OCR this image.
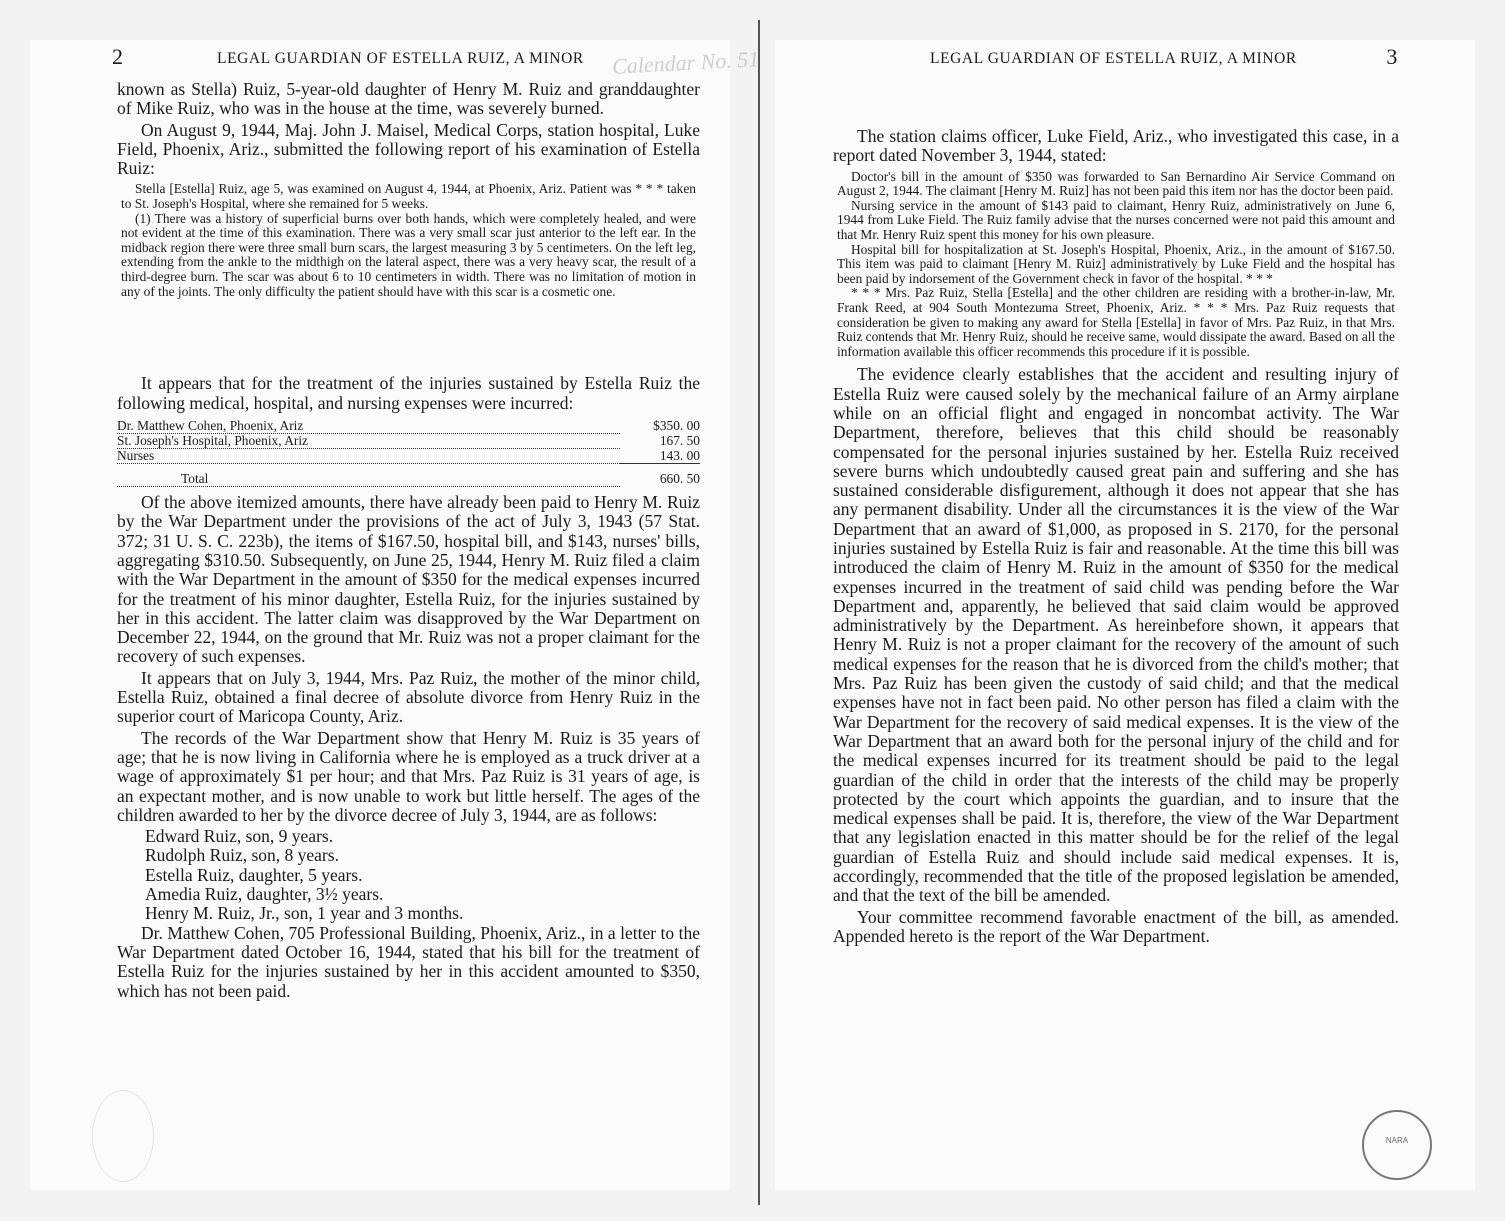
Calendar No. 51
2	LEGAL GUARDIAN OF ESTELLA RUIZ, A MINOR	LEGAL GUARDIAN OF ESTELLA RUIZ, A MINOR	3

known as Stella) Ruiz, 5-year-old daughter of Henry M. Ruiz and granddaughter of Mike Ruiz, who was in the house at the time, was severely burned.

On August 9, 1944, Maj. John J. Maisel, Medical Corps, station hospital, Luke Field, Phoenix, Ariz., submitted the following report of his examination of Estella Ruiz:

Stella [Estella] Ruiz, age 5, was examined on August 4, 1944, at Phoenix, Ariz. Patient was * * * taken to St. Joseph's Hospital, where she remained for 5 weeks.

(1) There was a history of superficial burns over both hands, which were completely healed, and were not evident at the time of this examination. There was a very small scar just anterior to the left ear. In the midback region there were three small burn scars, the largest measuring 3 by 5 centimeters. On the left leg, extending from the ankle to the midthigh on the lateral aspect, there was a very heavy scar, the result of a third-degree burn. The scar was about 6 to 10 centimeters in width. There was no limitation of motion in any of the joints. The only difficulty the patient should have with this scar is a cosmetic one.

It appears that for the treatment of the injuries sustained by Estella Ruiz the following medical, hospital, and nursing expenses were incurred:

Dr. Matthew Cohen, Phoenix, Ariz	$350. 00
St. Joseph's Hospital, Phoenix, Ariz	167. 50
Nurses	143. 00
Total	660. 50

Of the above itemized amounts, there have already been paid to Henry M. Ruiz by the War Department under the provisions of the act of July 3, 1943 (57 Stat. 372; 31 U. S. C. 223b), the items of $167.50, hospital bill, and $143, nurses' bills, aggregating $310.50. Subsequently, on June 25, 1944, Henry M. Ruiz filed a claim with the War Department in the amount of $350 for the medical expenses incurred for the treatment of his minor daughter, Estella Ruiz, for the injuries sustained by her in this accident. The latter claim was disapproved by the War Department on December 22, 1944, on the ground that Mr. Ruiz was not a proper claimant for the recovery of such expenses.

It appears that on July 3, 1944, Mrs. Paz Ruiz, the mother of the minor child, Estella Ruiz, obtained a final decree of absolute divorce from Henry Ruiz in the superior court of Maricopa County, Ariz.

The records of the War Department show that Henry M. Ruiz is 35 years of age; that he is now living in California where he is employed as a truck driver at a wage of approximately $1 per hour; and that Mrs. Paz Ruiz is 31 years of age, is an expectant mother, and is now unable to work but little herself. The ages of the children awarded to her by the divorce decree of July 3, 1944, are as follows:

Edward Ruiz, son, 9 years.
Rudolph Ruiz, son, 8 years.
Estella Ruiz, daughter, 5 years.
Amedia Ruiz, daughter, 3½ years.
Henry M. Ruiz, Jr., son, 1 year and 3 months.

Dr. Matthew Cohen, 705 Professional Building, Phoenix, Ariz., in a letter to the War Department dated October 16, 1944, stated that his bill for the treatment of Estella Ruiz for the injuries sustained by her in this accident amounted to $350, which has not been paid.

The station claims officer, Luke Field, Ariz., who investigated this case, in a report dated November 3, 1944, stated:

Doctor's bill in the amount of $350 was forwarded to San Bernardino Air Service Command on August 2, 1944. The claimant [Henry M. Ruiz] has not been paid this item nor has the doctor been paid.

Nursing service in the amount of $143 paid to claimant, Henry Ruiz, administratively on June 6, 1944 from Luke Field. The Ruiz family advise that the nurses concerned were not paid this amount and that Mr. Henry Ruiz spent this money for his own pleasure.

Hospital bill for hospitalization at St. Joseph's Hospital, Phoenix, Ariz., in the amount of $167.50. This item was paid to claimant [Henry M. Ruiz] administratively by Luke Field and the hospital has been paid by indorsement of the Government check in favor of the hospital. * * *

* * * Mrs. Paz Ruiz, Stella [Estella] and the other children are residing with a brother-in-law, Mr. Frank Reed, at 904 South Montezuma Street, Phoenix, Ariz. * * * Mrs. Paz Ruiz requests that consideration be given to making any award for Stella [Estella] in favor of Mrs. Paz Ruiz, in that Mrs. Ruiz contends that Mr. Henry Ruiz, should he receive same, would dissipate the award. Based on all the information available this officer recommends this procedure if it is possible.

The evidence clearly establishes that the accident and resulting injury of Estella Ruiz were caused solely by the mechanical failure of an Army airplane while on an official flight and engaged in noncombat activity. The War Department, therefore, believes that this child should be reasonably compensated for the personal injuries sustained by her. Estella Ruiz received severe burns which undoubtedly caused great pain and suffering and she has sustained considerable disfigurement, although it does not appear that she has any permanent disability. Under all the circumstances it is the view of the War Department that an award of $1,000, as proposed in S. 2170, for the personal injuries sustained by Estella Ruiz is fair and reasonable. At the time this bill was introduced the claim of Henry M. Ruiz in the amount of $350 for the medical expenses incurred in the treatment of said child was pending before the War Department and, apparently, he believed that said claim would be approved administratively by the Department. As hereinbefore shown, it appears that Henry M. Ruiz is not a proper claimant for the recovery of the amount of such medical expenses for the reason that he is divorced from the child's mother; that Mrs. Paz Ruiz has been given the custody of said child; and that the medical expenses have not in fact been paid. No other person has filed a claim with the War Department for the recovery of said medical expenses. It is the view of the War Department that an award both for the personal injury of the child and for the medical expenses incurred for its treatment should be paid to the legal guardian of the child in order that the interests of the child may be properly protected by the court which appoints the guardian, and to insure that the medical expenses shall be paid. It is, therefore, the view of the War Department that any legislation enacted in this matter should be for the relief of the legal guardian of Estella Ruiz and should include said medical expenses. It is, accordingly, recommended that the title of the proposed legislation be amended, and that the text of the bill be amended.

Your committee recommend favorable enactment of the bill, as amended. Appended hereto is the report of the War Department.

NARA
